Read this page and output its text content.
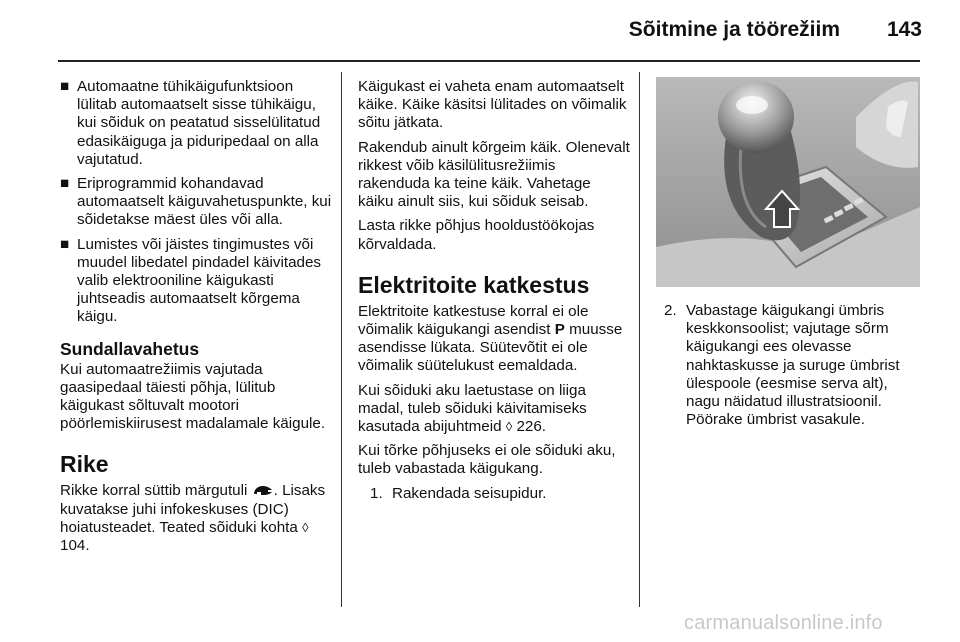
Sõitmine ja töörežiim	143
■ Automaatne tühikäigufunktsioon lülitab automaatselt sisse tühikäigu, kui sõiduk on peatatud sisselülitatud edasikäiguga ja piduripedaal on alla vajutatud.
■ Eriprogrammid kohandavad automaatselt käiguvahetuspunkte, kui sõidetakse mäest üles või alla.
■ Lumistes või jäistes tingimustes või muudel libedatel pindadel käivitades valib elektrooniline käigukasti juhtseadis automaatselt kõrgema käigu.
Sundallavahetus

Kui automaatrežiimis vajutada gaasipedaal täiesti põhja, lülitub käigukast sõltuvalt mootori pöörlemiskiirusest madalamale käigule.

Rike

Rikke korral süttib märgutuli . Lisaks kuvatakse juhi infokeskuses (DIC) hoiatusteadet. Teated sõiduki kohta ◊ 104.

Käigukast ei vaheta enam automaatselt käike. Käike käsitsi lülitades on võimalik sõitu jätkata.

Rakendub ainult kõrgeim käik. Olenevalt rikkest võib käsilülitusrežiimis rakenduda ka teine käik. Vahetage käiku ainult siis, kui sõiduk seisab.

Lasta rikke põhjus hooldustöökojas kõrvaldada.

Elektritoite katkestus

Elektritoite katkestuse korral ei ole võimalik käigukangi asendist P muusse asendisse lükata. Süütevõtit ei ole võimalik süütelukust eemaldada.

Kui sõiduki aku laetustase on liiga madal, tuleb sõiduki käivitamiseks kasutada abijuhtmeid ◊ 226.

Kui tõrke põhjuseks ei ole sõiduki aku, tuleb vabastada käigukang.

1. Rakendada seisupidur.
2. Vabastage käigukangi ümbris keskkonsoolist; vajutage sõrm käigukangi ees olevasse nahktaskusse ja suruge ümbrist ülespoole (eesmise serva alt), nagu näidatud illustratsioonil. Pöörake ümbrist vasakule.
carmanualsonline.info
